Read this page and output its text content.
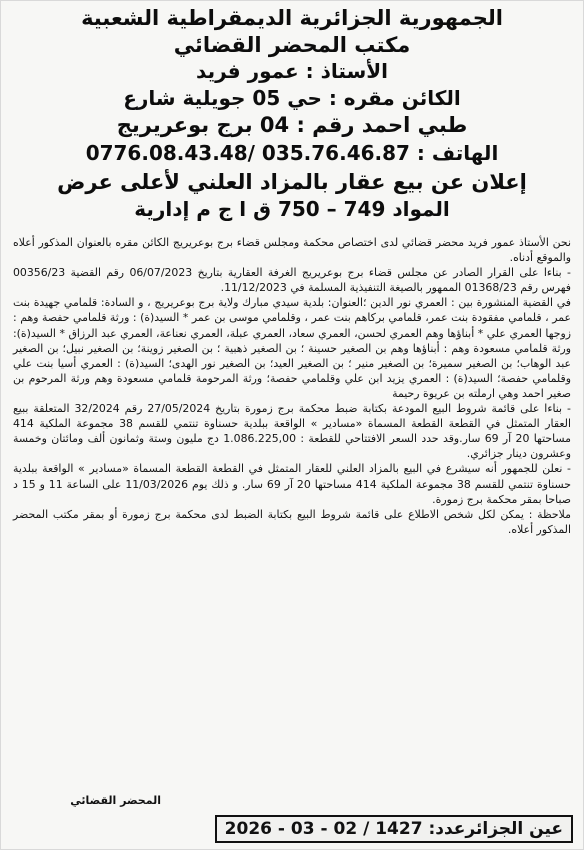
الجمهورية الجزائرية الديمقراطية الشعبية
مكتب المحضر القضائي
الأستاذ : عمور فريد
الكائن مقره : حي 05 جويلية شارع
طبي احمد رقم : 04 برج بوعريريج
الهاتف : 035.76.46.87 /0776.08.43.48
إعلان عن بيع عقار بالمزاد العلني لأعلى عرض
المواد 749 – 750 ق ا ج م إدارية

نحن الأستاذ عمور فريد محضر قضائي لدى اختصاص محكمة ومجلس قضاء برج بوعريريج الكائن مقره بالعنوان المذكور أعلاه والموقع أدناه.

- بناءا على القرار الصادر عن مجلس قضاء برج بوعريريج الغرفة العقارية بتاريخ 06/07/2023 رقم القضية 00356/23 فهرس رقم 01368/23 الممهور بالصيغة التنفيذية المسلمة في 11/12/2023.

في القضية المنشورة بين : العمري نور الدين ؛العنوان: بلدية سيدي مبارك ولاية برج بوعريريج ، و السادة: قلمامي جهيدة بنت عمر ، قلمامي مفقودة بنت عمر، قلمامي بركاهم بنت عمر ، وقلمامي موسى بن عمر * السيد(ة) : ورثة قلمامي حفصة وهم : زوجها العمري علي * أبناؤها وهم العمري لحسن، العمري سعاد، العمري عبلة، العمري نعناعة، العمري عبد الرزاق * السيد(ة): ورثة قلمامي مسعودة وهم : أبناؤها وهم بن الصغير حسينة ؛ بن الصغير ذهبية ؛ بن الصغير زوينة؛ بن الصغير نبيل؛ بن الصغير عبد الوهاب؛ بن الصغير سميرة؛ بن الصغير منير ؛ بن الصغير العيد؛ بن الصغير نور الهدى؛ السيد(ة) : العمري أسيا بنت علي وقلمامي حفصة؛ السيد(ة) : العمري يزيد ابن علي وقلمامي حفصة؛ ورثة المرحومة قلمامي مسعودة وهم ورثة المرحوم بن صغير احمد وهي ارملته بن عريوة رحيمة

- بناءا على قائمة شروط البيع المودعة بكتابة ضبط محكمة برج زمورة بتاريخ 27/05/2024 رقم 32/2024 المتعلقة ببيع العقار المتمثل في القطعة القطعة المسماة «مسادير » الواقعة ببلدية حسناوة تنتمي للقسم 38 مجموعة الملكية 414 مساحتها 20 آر 69 سار.وقد حدد السعر الافتتاحي للقطعة : 1.086.225,00 دج مليون وستة وثمانون ألف ومائتان وخمسة وعشرون دينار جزائري.

- نعلن للجمهور أنه سيشرع في البيع بالمزاد العلني للعقار المتمثل في القطعة القطعة المسماة «مسادير » الواقعة ببلدية حسناوة تنتمي للقسم 38 مجموعة الملكية 414 مساحتها 20 آر 69 سار. و ذلك يوم 11/03/2026 على الساعة 11 و 15 د صباحا بمقر محكمة برج زمورة.

ملاحظة : يمكن لكل شخص الاطلاع على قائمة شروط البيع بكتابة الضبط لدى محكمة برج زمورة أو بمقر مكتب المحضر المذكور أعلاه.

المحضر القضائي
عين الجزائرعدد: 1427 / 02 - 03 - 2026
